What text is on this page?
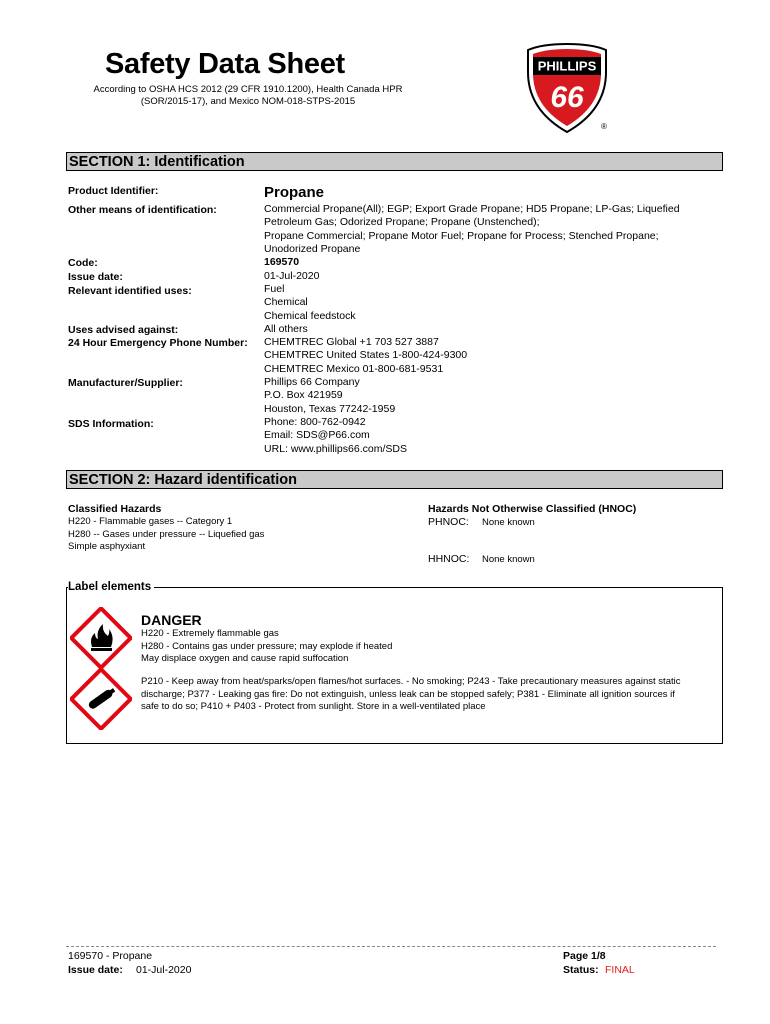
Safety Data Sheet
According to OSHA HCS 2012 (29 CFR 1910.1200), Health Canada HPR
(SOR/2015-17), and Mexico NOM-018-STPS-2015
PHILLIPS
66
®
SECTION 1: Identification
Product Identifier:	Propane
Other means of identification:	Commercial Propane(All); EGP; Export Grade Propane; HD5 Propane; LP-Gas; Liquefied
Petroleum Gas; Odorized Propane; Propane (Unstenched);
Propane Commercial; Propane Motor Fuel; Propane for Process; Stenched Propane;
Unodorized Propane
Code:	169570
Issue date:	01-Jul-2020
Relevant identified uses:	Fuel
Chemical
Chemical feedstock
Uses advised against:	All others
24 Hour Emergency Phone Number: CHEMTREC Global +1 703 527 3887
CHEMTREC United States 1-800-424-9300
CHEMTREC Mexico 01-800-681-9531
Manufacturer/Supplier:	Phillips 66 Company
P.O. Box 421959
Houston, Texas 77242-1959
SDS Information:	Phone: 800-762-0942
Email: SDS@P66.com
URL: www.phillips66.com/SDS
SECTION 2: Hazard identification
Classified Hazards
H220 - Flammable gases -- Category 1
H280 -- Gases under pressure -- Liquefied gas
Simple asphyxiant
Hazards Not Otherwise Classified (HNOC)
PHNOC: None known
HHNOC: None known
Label elements
DANGER
H220 - Extremely flammable gas
H280 - Contains gas under pressure; may explode if heated
May displace oxygen and cause rapid suffocation
P210 - Keep away from heat/sparks/open flames/hot surfaces. - No smoking; P243 - Take precautionary measures against static
discharge; P377 - Leaking gas fire: Do not extinguish, unless leak can be stopped safely; P381 - Eliminate all ignition sources if
safe to do so; P410 + P403 - Protect from sunlight. Store in a well-ventilated place
169570 - Propane
Issue date: 01-Jul-2020
Page 1/8
Status: FINAL
